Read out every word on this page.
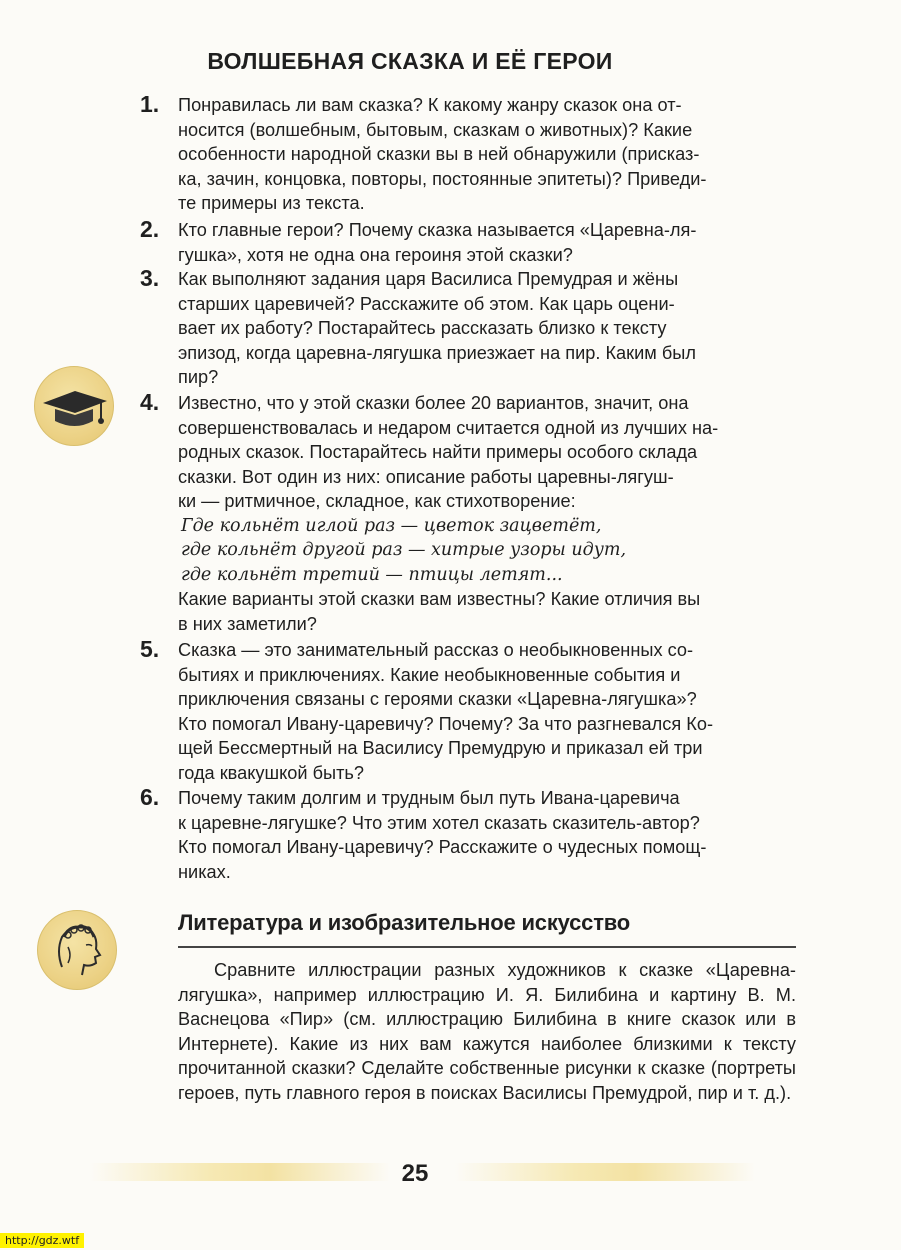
ВОЛШЕБНАЯ СКАЗКА И ЕЁ ГЕРОИ
1.	Понравилась ли вам сказка? К какому жанру сказок она от-

носится (волшебным, бытовым, сказкам о животных)? Какие

особенности народной сказки вы в ней обнаружили (присказ-

ка, зачин, концовка, повторы, постоянные эпитеты)? Приведи-

те примеры из текста.

2.	Кто главные герои? Почему сказка называется «Царевна-ля-

гушка», хотя не одна она героиня этой сказки?

3.	Как выполняют задания царя Василиса Премудрая и жёны

старших царевичей? Расскажите об этом. Как царь оцени-

вает их работу? Постарайтесь рассказать близко к тексту

эпизод, когда царевна-лягушка приезжает на пир. Каким был

пир?

4.	Известно, что у этой сказки более 20 вариантов, значит, она

совершенствовалась и недаром считается одной из лучших на-

родных сказок. Постарайтесь найти примеры особого склада

сказки. Вот один из них: описание работы царевны-лягуш-

ки — ритмичное, складное, как стихотворение:

Где кольнёт иглой раз — цветок зацветёт,
где кольнёт другой раз — хитрые узоры идут,
где кольнёт третий — птицы летят...

Какие варианты этой сказки вам известны? Какие отличия вы

в них заметили?

5.	Сказка — это занимательный рассказ о необыкновенных со-

бытиях и приключениях. Какие необыкновенные события и

приключения связаны с героями сказки «Царевна-лягушка»?

Кто помогал Ивану-царевичу? Почему? За что разгневался Ко-

щей Бессмертный на Василису Премудрую и приказал ей три

года квакушкой быть?

6.	Почему таким долгим и трудным был путь Ивана-царевича

к царевне-лягушке? Что этим хотел сказать сказитель-автор?

Кто помогал Ивану-царевичу? Расскажите о чудесных помощ-

никах.

Литература и изобразительное искусство

Сравните иллюстрации разных художников к сказке «Царевна-лягушка», например иллюстрацию И. Я. Билибина и картину В. М. Васнецова «Пир» (см. иллюстрацию Билибина в книге сказок или в Интернете). Какие из них вам кажутся наиболее близкими к тексту прочитанной сказки? Сделайте собственные рисунки к сказке (портреты героев, путь главного героя в поисках Василисы Премудрой, пир и т. д.).

25
http://gdz.wtf
